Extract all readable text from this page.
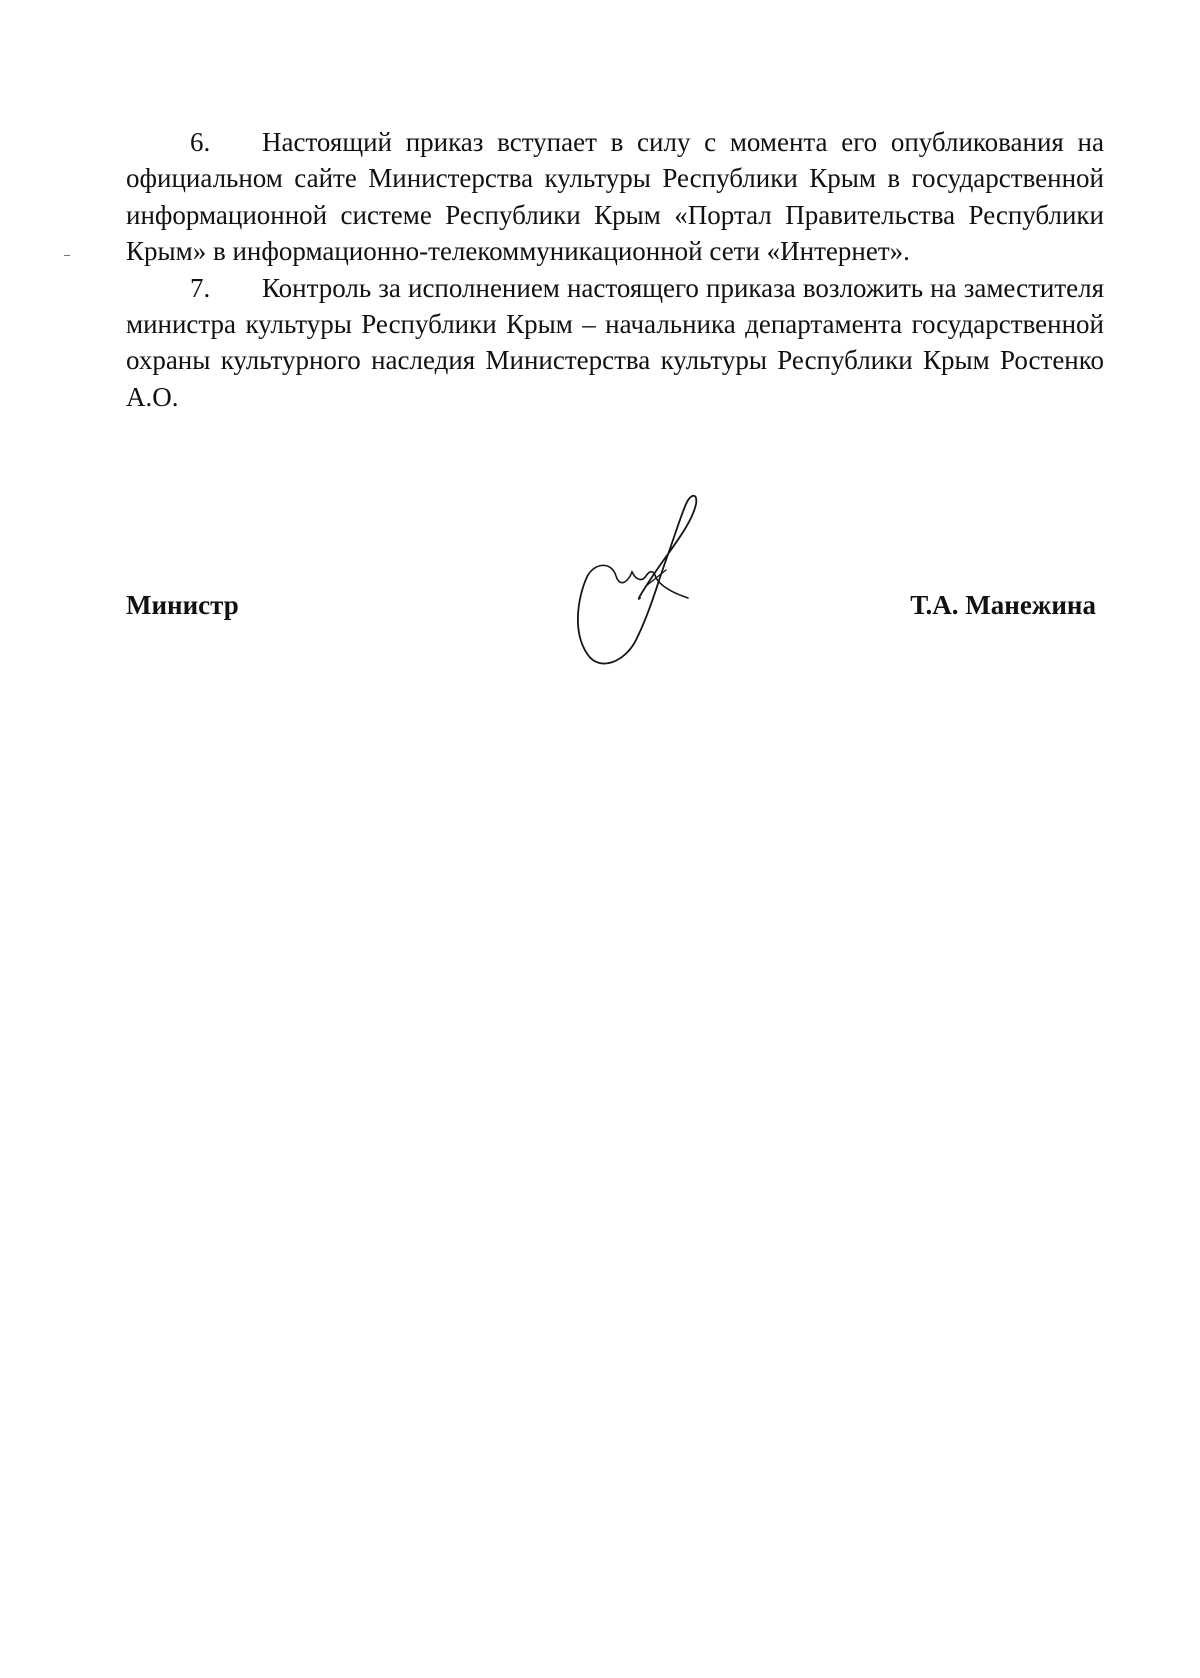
6. Настоящий приказ вступает в силу с момента его опубликования на официальном сайте Министерства культуры Республики Крым в государственной информационной системе Республики Крым «Портал Правительства Республики Крым» в информационно-телекоммуникационной сети «Интернет».

7. Контроль за исполнением настоящего приказа возложить на заместителя министра культуры Республики Крым – начальника департамента государственной охраны культурного наследия Министерства культуры Республики Крым Ростенко А.О.

Министр	Т.А. Манежина
